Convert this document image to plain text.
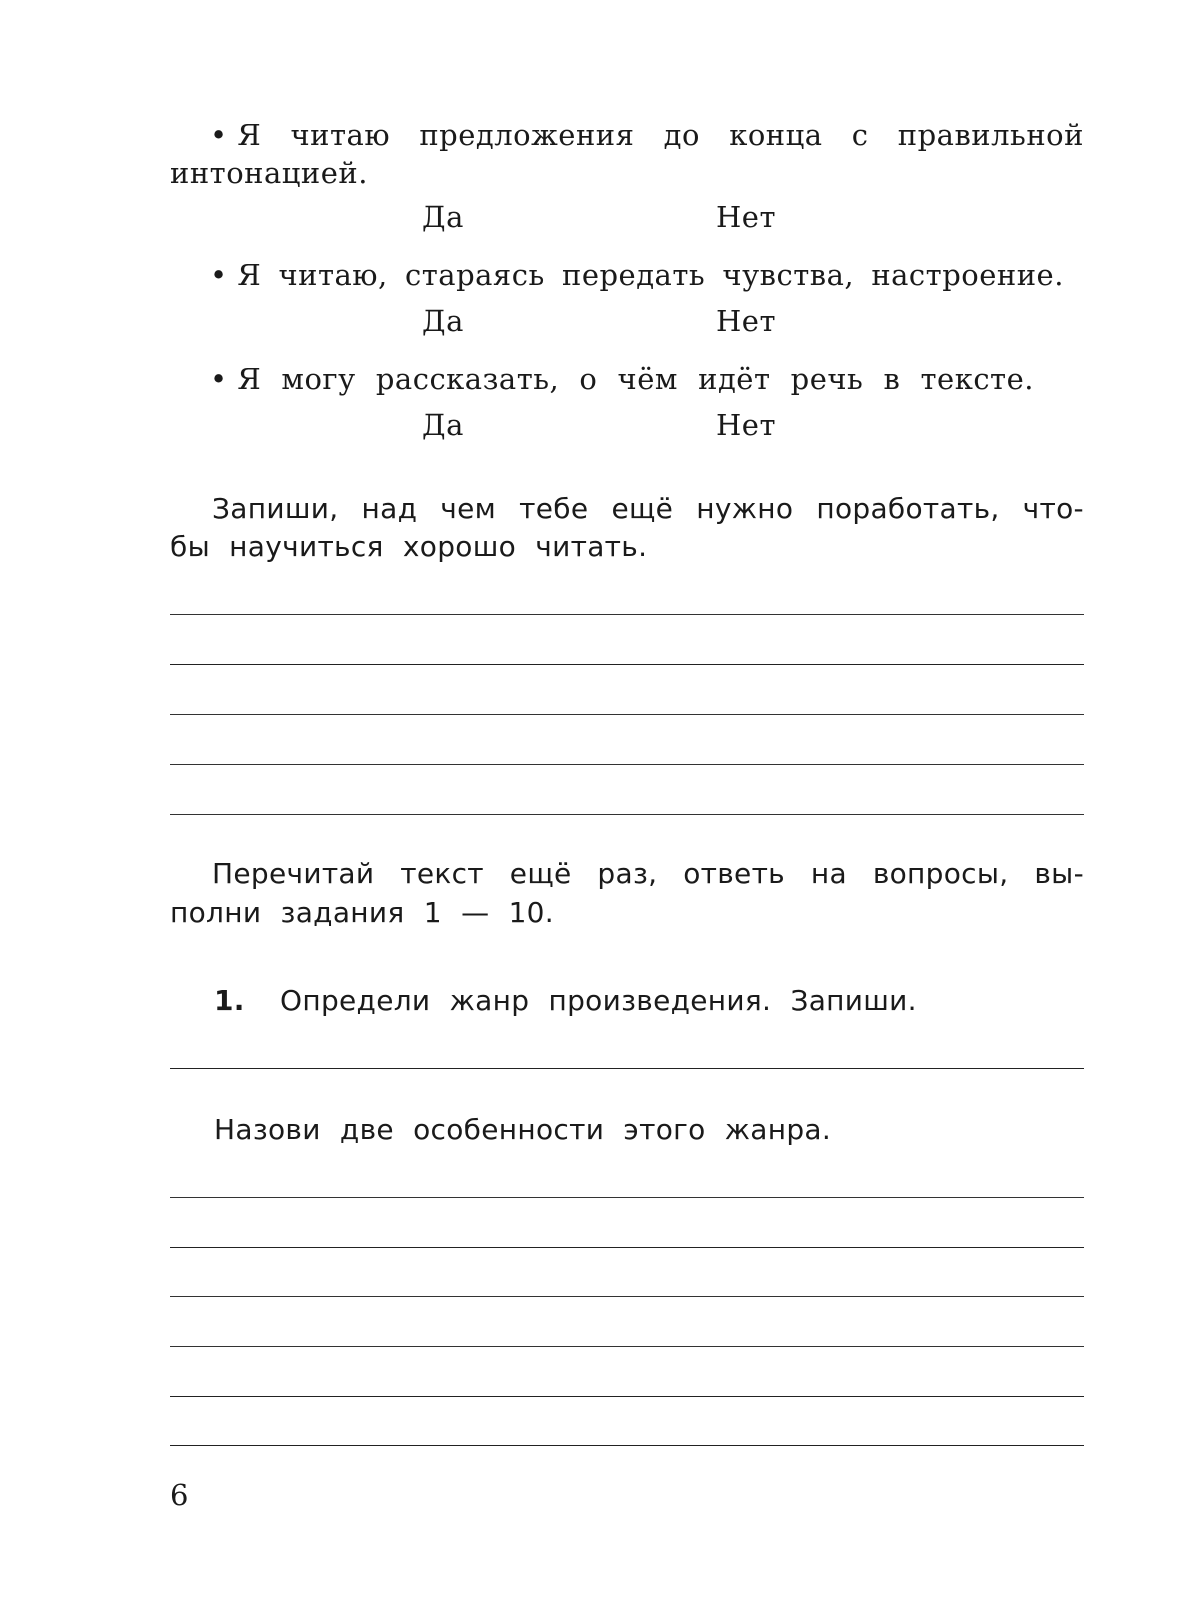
• Я читаю предложения до конца с правильной
интонацией.
Да	Нет
• Я читаю, стараясь передать чувства, настроение.
Да	Нет
• Я могу рассказать, о чём идёт речь в тексте.
Да	Нет
Запиши, над чем тебе ещё нужно поработать, что-
бы научиться хорошо читать.
Перечитай текст ещё раз, ответь на вопросы, вы-
полни задания 1 — 10.
1. Определи жанр произведения. Запиши.
Назови две особенности этого жанра.
6
